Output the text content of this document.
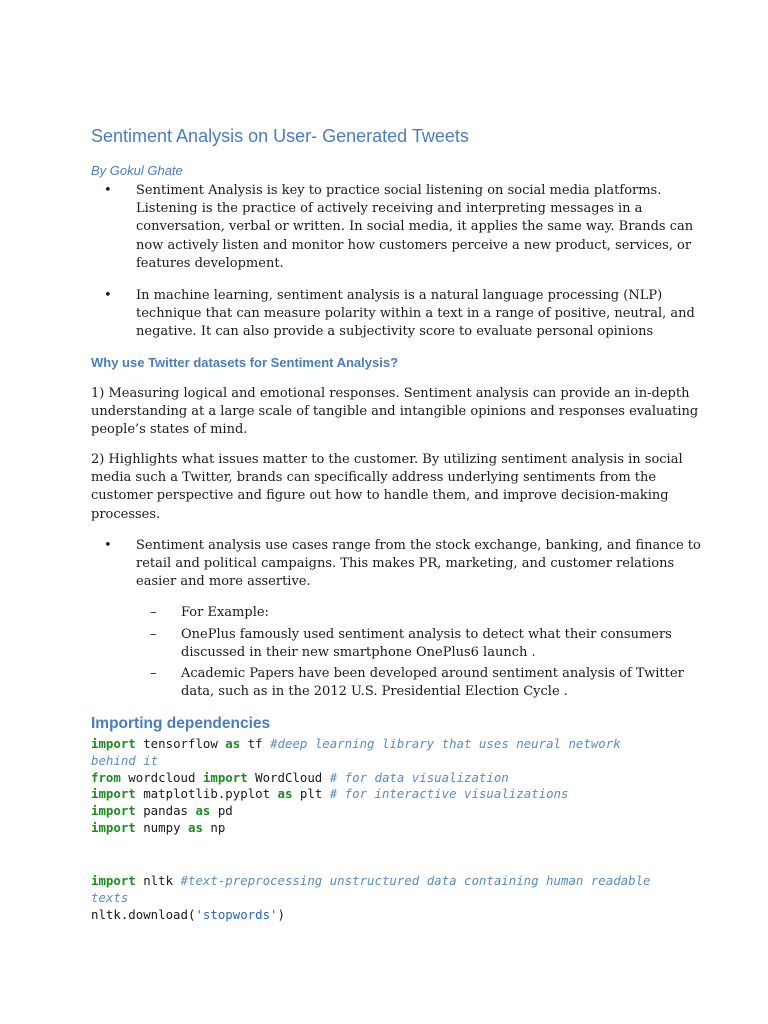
Sentiment Analysis on User- Generated Tweets
By Gokul Ghate
• Sentiment Analysis is key to practice social listening on social media platforms.
Listening is the practice of actively receiving and interpreting messages in a
conversation, verbal or written. In social media, it applies the same way. Brands can
now actively listen and monitor how customers perceive a new product, services, or
features development.
• In machine learning, sentiment analysis is a natural language processing (NLP)
technique that can measure polarity within a text in a range of positive, neutral, and
negative. It can also provide a subjectivity score to evaluate personal opinions
Why use Twitter datasets for Sentiment Analysis?
1) Measuring logical and emotional responses. Sentiment analysis can provide an in-depth
understanding at a large scale of tangible and intangible opinions and responses evaluating
people’s states of mind.
2) Highlights what issues matter to the customer. By utilizing sentiment analysis in social
media such a Twitter, brands can specifically address underlying sentiments from the
customer perspective and figure out how to handle them, and improve decision-making
processes.
• Sentiment analysis use cases range from the stock exchange, banking, and finance to
retail and political campaigns. This makes PR, marketing, and customer relations
easier and more assertive.
– For Example:
– OnePlus famously used sentiment analysis to detect what their consumers
discussed in their new smartphone OnePlus6 launch .
– Academic Papers have been developed around sentiment analysis of Twitter
data, such as in the 2012 U.S. Presidential Election Cycle .
Importing dependencies
import tensorflow as tf #deep learning library that uses neural network
behind it
from wordcloud import WordCloud # for data visualization
import matplotlib.pyplot as plt # for interactive visualizations
import pandas as pd
import numpy as np
import nltk #text-preprocessing unstructured data containing human readable
texts
nltk.download('stopwords')
